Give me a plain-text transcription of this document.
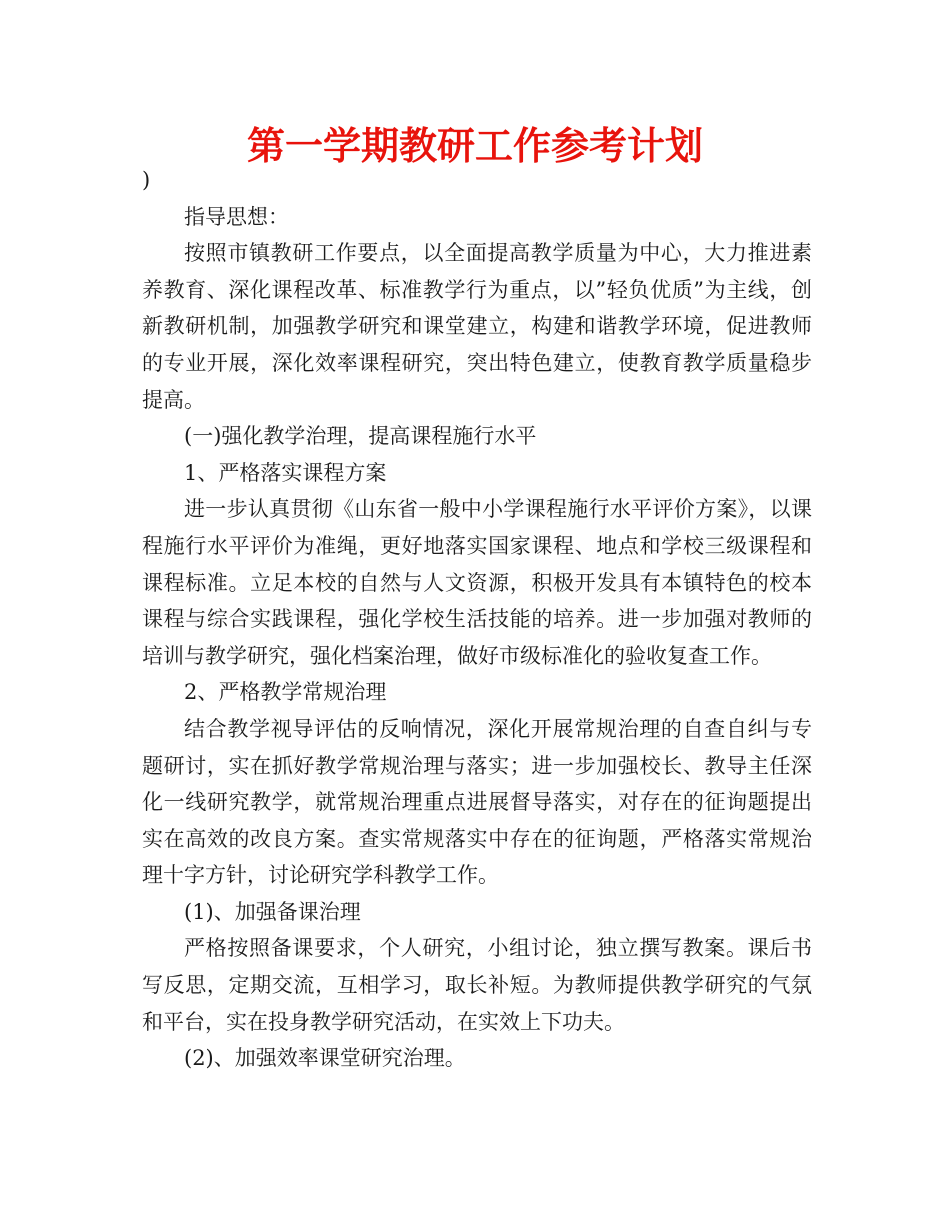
第一学期教研工作参考计划

)

指导思想：

按照市镇教研工作要点，以全面提高教学质量为中心，大力推进素养教育、深化课程改革、标准教学行为重点，以”轻负优质”为主线，创新教研机制，加强教学研究和课堂建立，构建和谐教学环境，促进教师的专业开展，深化效率课程研究，突出特色建立，使教育教学质量稳步提高。

(一)强化教学治理，提高课程施行水平

1、严格落实课程方案

进一步认真贯彻《山东省一般中小学课程施行水平评价方案》，以课程施行水平评价为准绳，更好地落实国家课程、地点和学校三级课程和课程标准。立足本校的自然与人文资源，积极开发具有本镇特色的校本课程与综合实践课程，强化学校生活技能的培养。进一步加强对教师的培训与教学研究，强化档案治理，做好市级标准化的验收复查工作。

2、严格教学常规治理

结合教学视导评估的反响情况，深化开展常规治理的自查自纠与专题研讨，实在抓好教学常规治理与落实；进一步加强校长、教导主任深化一线研究教学，就常规治理重点进展督导落实，对存在的征询题提出实在高效的改良方案。查实常规落实中存在的征询题，严格落实常规治理十字方针，讨论研究学科教学工作。

(1)、加强备课治理

严格按照备课要求，个人研究，小组讨论，独立撰写教案。课后书写反思，定期交流，互相学习，取长补短。为教师提供教学研究的气氛和平台，实在投身教学研究活动，在实效上下功夫。

(2)、加强效率课堂研究治理。
